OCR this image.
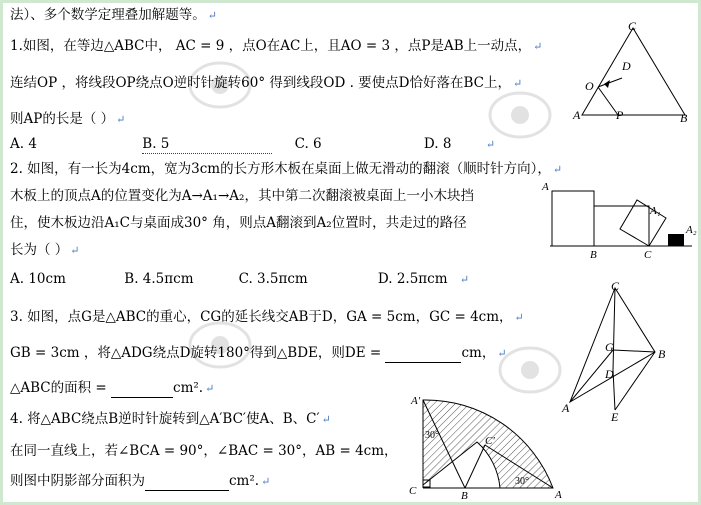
法）、多个数学定理叠加解题等。 ↵
1.如图，在等边△ABC中， AC = 9 ，点O在AC上，且AO = 3 ，点P是AB上一动点， ↵
连结OP ，将线段OP绕点O逆时针旋转60° 得到线段OD . 要使点D恰好落在BC上， ↵
则AP的长是（ ） ↵
A. 4	B. 5	C. 6	D. 8	↵
C
D
O
A	P	B
2. 如图，有一长为4cm，宽为3cm的长方形木板在桌面上做无滑动的翻滚（顺时针方向）， ↵
木板上的顶点A的位置变化为A→A₁→A₂，其中第二次翻滚被桌面上一小木块挡
住，使木板边沿A₁C与桌面成30° 角，则点A翻滚到A₂位置时，共走过的路径
长为（ ） ↵
A. 10cm	B. 4.5πcm	C. 3.5πcm	D. 2.5πcm ↵
A
A₁
A₂
B	C
3. 如图，点G是△ABC的重心，CG的延长线交AB于D，GA = 5cm，GC = 4cm， ↵
GB = 3cm ，将△ADG绕点D旋转180°得到△BDE，则DE =	cm， ↵
△ABC的面积 =	cm². ↵
C
G	B
D
A
E
4. 将△ABC绕点B逆时针旋转到△A′BC′使A、B、C′ ↵
在同一直线上，若∠BCA = 90°，∠BAC = 30°，AB = 4cm，
则图中阴影部分面积为	cm². ↵
A'
30°	C'
30°
C	B	A
